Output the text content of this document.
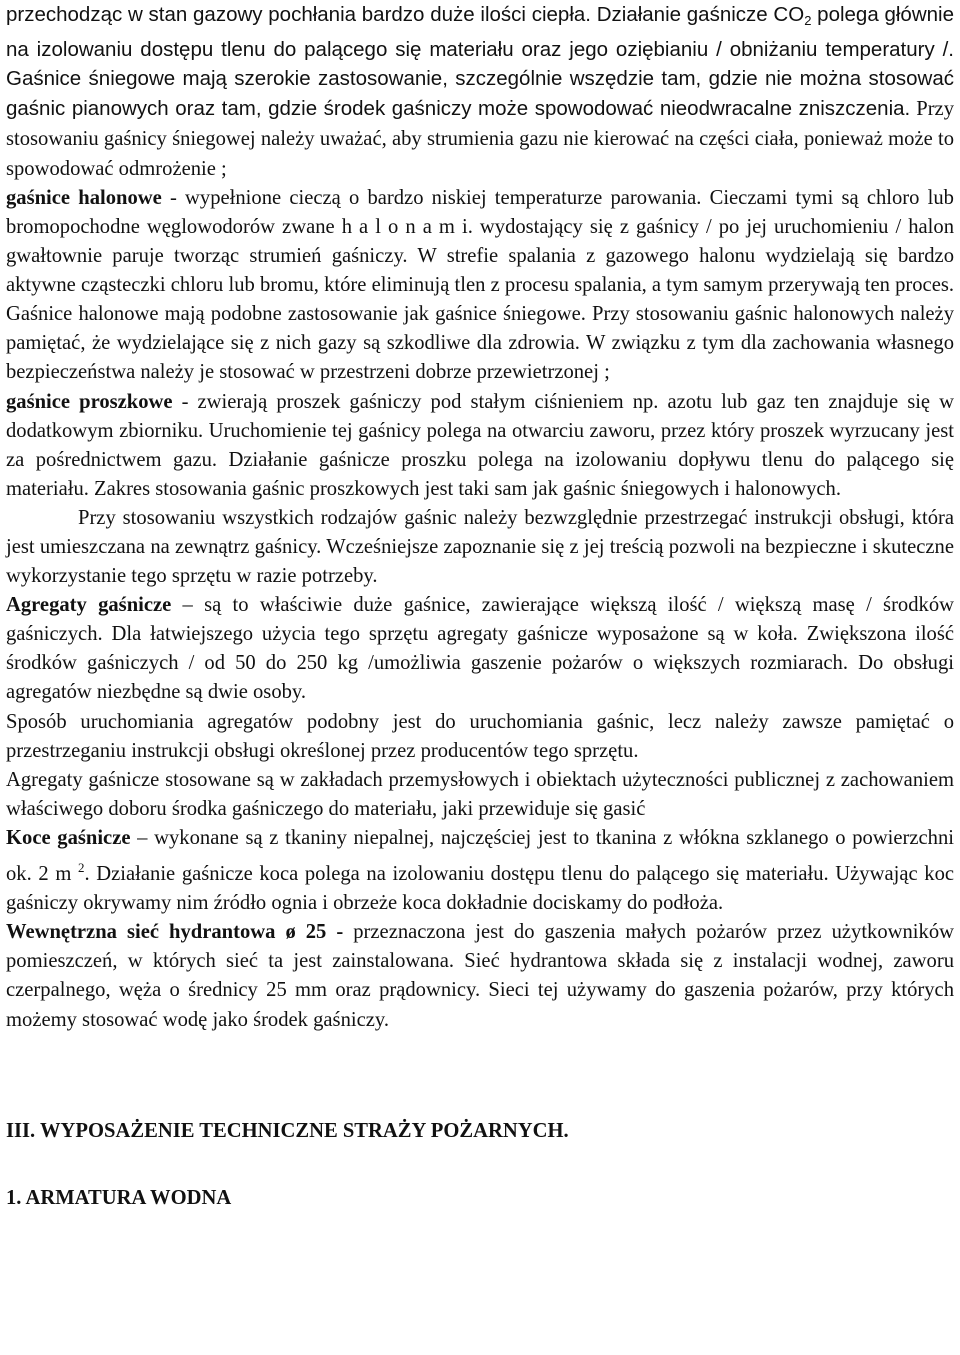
przechodząc w stan gazowy pochłania bardzo duże ilości ciepła. Działanie gaśnicze $CO_2$ polega głównie na izolowaniu dostępu tlenu do palącego się materiału oraz jego oziębianiu / obniżaniu temperatury /. Gaśnice śniegowe mają szerokie zastosowanie, szczególnie wszędzie tam, gdzie nie można stosować gaśnic pianowych oraz tam, gdzie środek gaśniczy może spowodować nieodwracalne zniszczenia. Przy stosowaniu gaśnicy śniegowej należy uważać, aby strumienia gazu nie kierować na części ciała, ponieważ może to spowodować odmrożenie ;

gaśnice halonowe - wypełnione cieczą o bardzo niskiej temperaturze parowania. Cieczami tymi są chloro lub bromopochodne węglowodorów zwane h a l o n a m i. wydostający się z gaśnicy / po jej uruchomieniu / halon gwałtownie paruje tworząc strumień gaśniczy. W strefie spalania z gazowego halonu wydzielają się bardzo aktywne cząsteczki chloru lub bromu, które eliminują tlen z procesu spalania, a tym samym przerywają ten proces. Gaśnice halonowe mają podobne zastosowanie jak gaśnice śniegowe. Przy stosowaniu gaśnic halonowych należy pamiętać, że wydzielające się z nich gazy są szkodliwe dla zdrowia. W związku z tym dla zachowania własnego bezpieczeństwa należy je stosować w przestrzeni dobrze przewietrzonej ;

gaśnice proszkowe - zwierają proszek gaśniczy pod stałym ciśnieniem np. azotu lub gaz ten znajduje się w dodatkowym zbiorniku. Uruchomienie tej gaśnicy polega na otwarciu zaworu, przez który proszek wyrzucany jest za pośrednictwem gazu. Działanie gaśnicze proszku polega na izolowaniu dopływu tlenu do palącego się materiału. Zakres stosowania gaśnic proszkowych jest taki sam jak gaśnic śniegowych i halonowych.

Przy stosowaniu wszystkich rodzajów gaśnic należy bezwzględnie przestrzegać instrukcji obsługi, która jest umieszczana na zewnątrz gaśnicy. Wcześniejsze zapoznanie się z jej treścią pozwoli na bezpieczne i skuteczne wykorzystanie tego sprzętu w razie potrzeby.

Agregaty gaśnicze – są to właściwie duże gaśnice, zawierające większą ilość / większą masę / środków gaśniczych. Dla łatwiejszego użycia tego sprzętu agregaty gaśnicze wyposażone są w koła. Zwiększona ilość środków gaśniczych / od 50 do 250 kg /umożliwia gaszenie pożarów o większych rozmiarach. Do obsługi agregatów niezbędne są dwie osoby.

Sposób uruchomiania agregatów podobny jest do uruchomiania gaśnic, lecz należy zawsze pamiętać o przestrzeganiu instrukcji obsługi określonej przez producentów tego sprzętu.

Agregaty gaśnicze stosowane są w zakładach przemysłowych i obiektach użyteczności publicznej z zachowaniem właściwego doboru środka gaśniczego do materiału, jaki przewiduje się gasić

Koce gaśnicze – wykonane są z tkaniny niepalnej, najczęściej jest to tkanina z włókna szklanego o powierzchni ok. 2 m $^2$. Działanie gaśnicze koca polega na izolowaniu dostępu tlenu do palącego się materiału. Używając koc gaśniczy okrywamy nim źródło ognia i obrzeże koca dokładnie dociskamy do podłoża.

Wewnętrzna sieć hydrantowa ø 25 - przeznaczona jest do gaszenia małych pożarów przez użytkowników pomieszczeń, w których sieć ta jest zainstalowana. Sieć hydrantowa składa się z instalacji wodnej, zaworu czerpalnego, węża o średnicy 25 mm oraz prądownicy. Sieci tej używamy do gaszenia pożarów, przy których możemy stosować wodę jako środek gaśniczy.

III. WYPOSAŻENIE TECHNICZNE STRAŻY POŻARNYCH.

1. ARMATURA WODNA
